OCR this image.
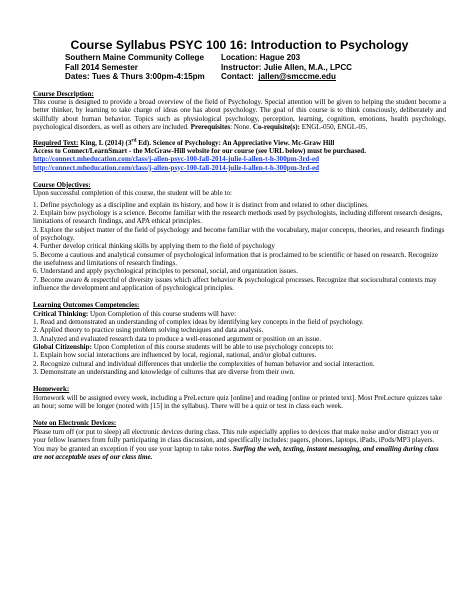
Course Syllabus PSYC 100 16: Introduction to Psychology
Southern Maine Community College Location: Hague 203
Fall 2014 Semester	Instructor: Julie Allen, M.A., LPCC
Dates: Tues & Thurs 3:00pm-4:15pm Contact: jallen@smccme.edu
Course Description:

This course is designed to provide a broad overview of the field of Psychology. Special attention will be given to helping the student become a better thinker, by learning to take charge of ideas one has about psychology. The goal of this course is to think consciously, deliberately and skillfully about human behavior. Topics such as physiological psychology, perception, learning, cognition, emotions, health psychology, psychological disorders, as well as others are included. Prerequisites: None. Co-requisite(s): ENGL-050, ENGL-05.

Required Text: King, L (2014) (3rd Ed). Science of Psychology: An Appreciative View. Mc-Graw Hill

Access to Connect/LearnSmart - the McGraw-Hill website for our course (see URL below) must be purchased.

http://connect.mheducation.com/class/j-allen-psyc-100-fall-2014-julie-l-allen-t-h-300pm-3rd-ed

http://connect.mheducation.com/class/j-allen-psyc-100-fall-2014-julie-l-allen-t-h-300pm-3rd-ed

Course Objectives:

Upon successful completion of this course, the student will be able to:

1. Define psychology as a discipline and explain its history, and how it is distinct from and related to other disciplines.

2. Explain how psychology is a science. Become familiar with the research methods used by psychologists, including different research designs, limitations of research findings, and APA ethical principles.

3. Explore the subject matter of the field of psychology and become familiar with the vocabulary, major concepts, theories, and research findings of psychology.

4. Further develop critical thinking skills by applying them to the field of psychology

5. Become a cautious and analytical consumer of psychological information that is proclaimed to be scientific or based on research. Recognize the usefulness and limitations of research findings.

6. Understand and apply psychological principles to personal, social, and organization issues.

7. Become aware & respectful of diversity issues which affect behavior & psychological processes. Recognize that sociocultural contexts may influence the development and application of psychological principles.

Learning Outcomes Competencies:

Critical Thinking: Upon Completion of this course students will have:

1. Read and demonstrated an understanding of complex ideas by identifying key concepts in the field of psychology.

2. Applied theory to practice using problem solving techniques and data analysis.

3. Analyzed and evaluated research data to produce a well-reasoned argument or position on an issue.

Global Citizenship: Upon Completion of this course students will be able to use psychology concepts to:

1. Explain how social interactions are influenced by local, regional, national, and/or global cultures.

2. Recognize cultural and individual differences that underlie the complexities of human behavior and social interaction.

3. Demonstrate an understanding and knowledge of cultures that are diverse from their own.

Homework:

Homework will be assigned every week, including a PreLecture quiz [online] and reading [online or printed text]. Most PreLecture quizzes take an hour; some will be longer (noted with [15] in the syllabus). There will be a quiz or test in class each week.

Note on Electronic Devices:

Please turn off (or put to sleep) all electronic devices during class. This rule especially applies to devices that make noise and/or distract you or your fellow learners from fully participating in class discussion, and specifically includes: pagers, phones, laptops, iPads, iPods/MP3 players. You may be granted an exception if you use your laptop to take notes. Surfing the web, texting, instant messaging, and emailing during class are not acceptable uses of our class time.
